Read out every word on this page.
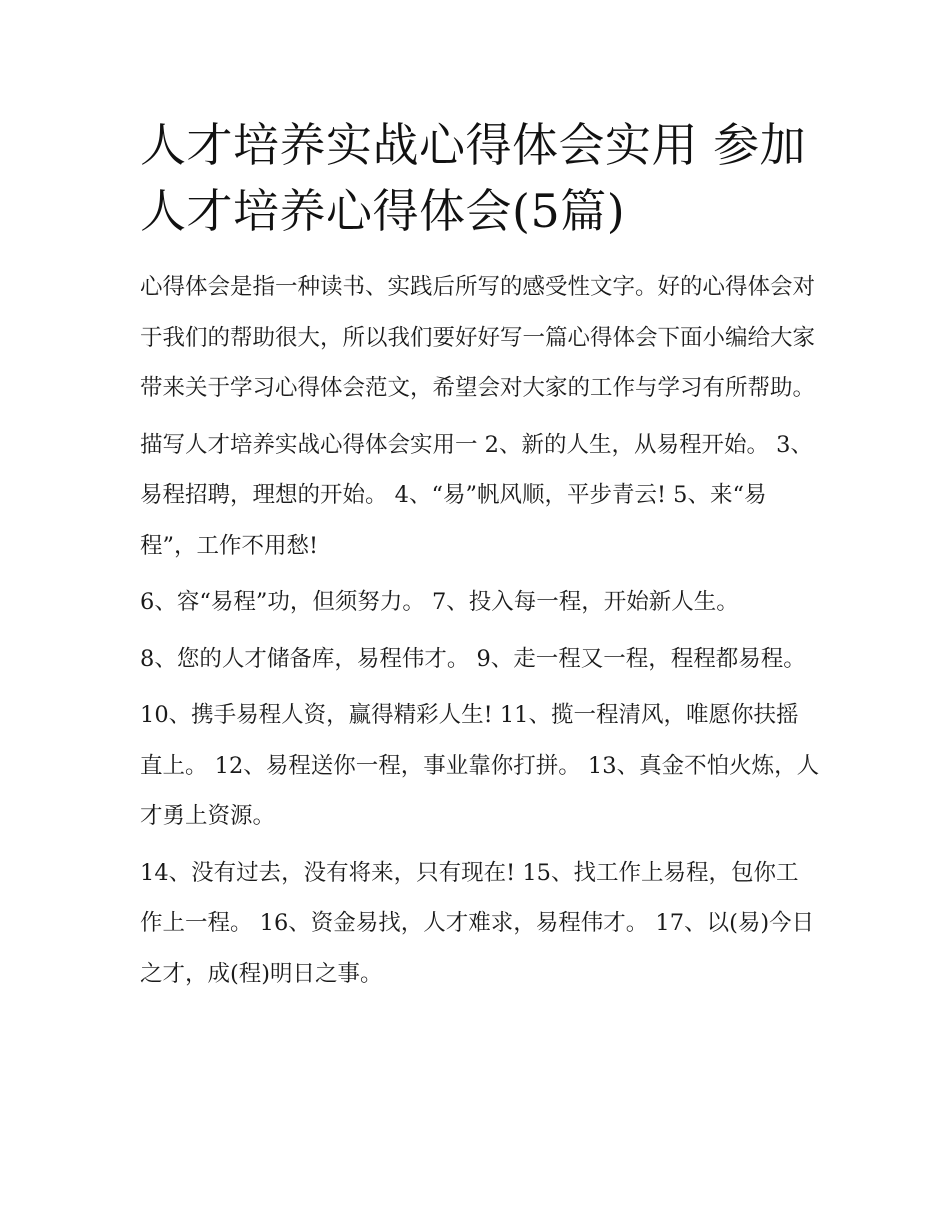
人才培养实战心得体会实用 参加人才培养心得体会(5篇)

心得体会是指一种读书、实践后所写的感受性文字。好的心得体会对于我们的帮助很大，所以我们要好好写一篇心得体会下面小编给大家带来关于学习心得体会范文，希望会对大家的工作与学习有所帮助。

描写人才培养实战心得体会实用一 2、新的人生，从易程开始。 3、易程招聘，理想的开始。 4、“易”帆风顺，平步青云! 5、来“易程”，工作不用愁!

6、容“易程”功，但须努力。 7、投入每一程，开始新人生。

8、您的人才储备库，易程伟才。 9、走一程又一程，程程都易程。

10、携手易程人资，赢得精彩人生! 11、揽一程清风，唯愿你扶摇直上。 12、易程送你一程，事业靠你打拼。 13、真金不怕火炼，人才勇上资源。

14、没有过去，没有将来，只有现在! 15、找工作上易程，包你工作上一程。 16、资金易找，人才难求，易程伟才。 17、以(易)今日之才，成(程)明日之事。
